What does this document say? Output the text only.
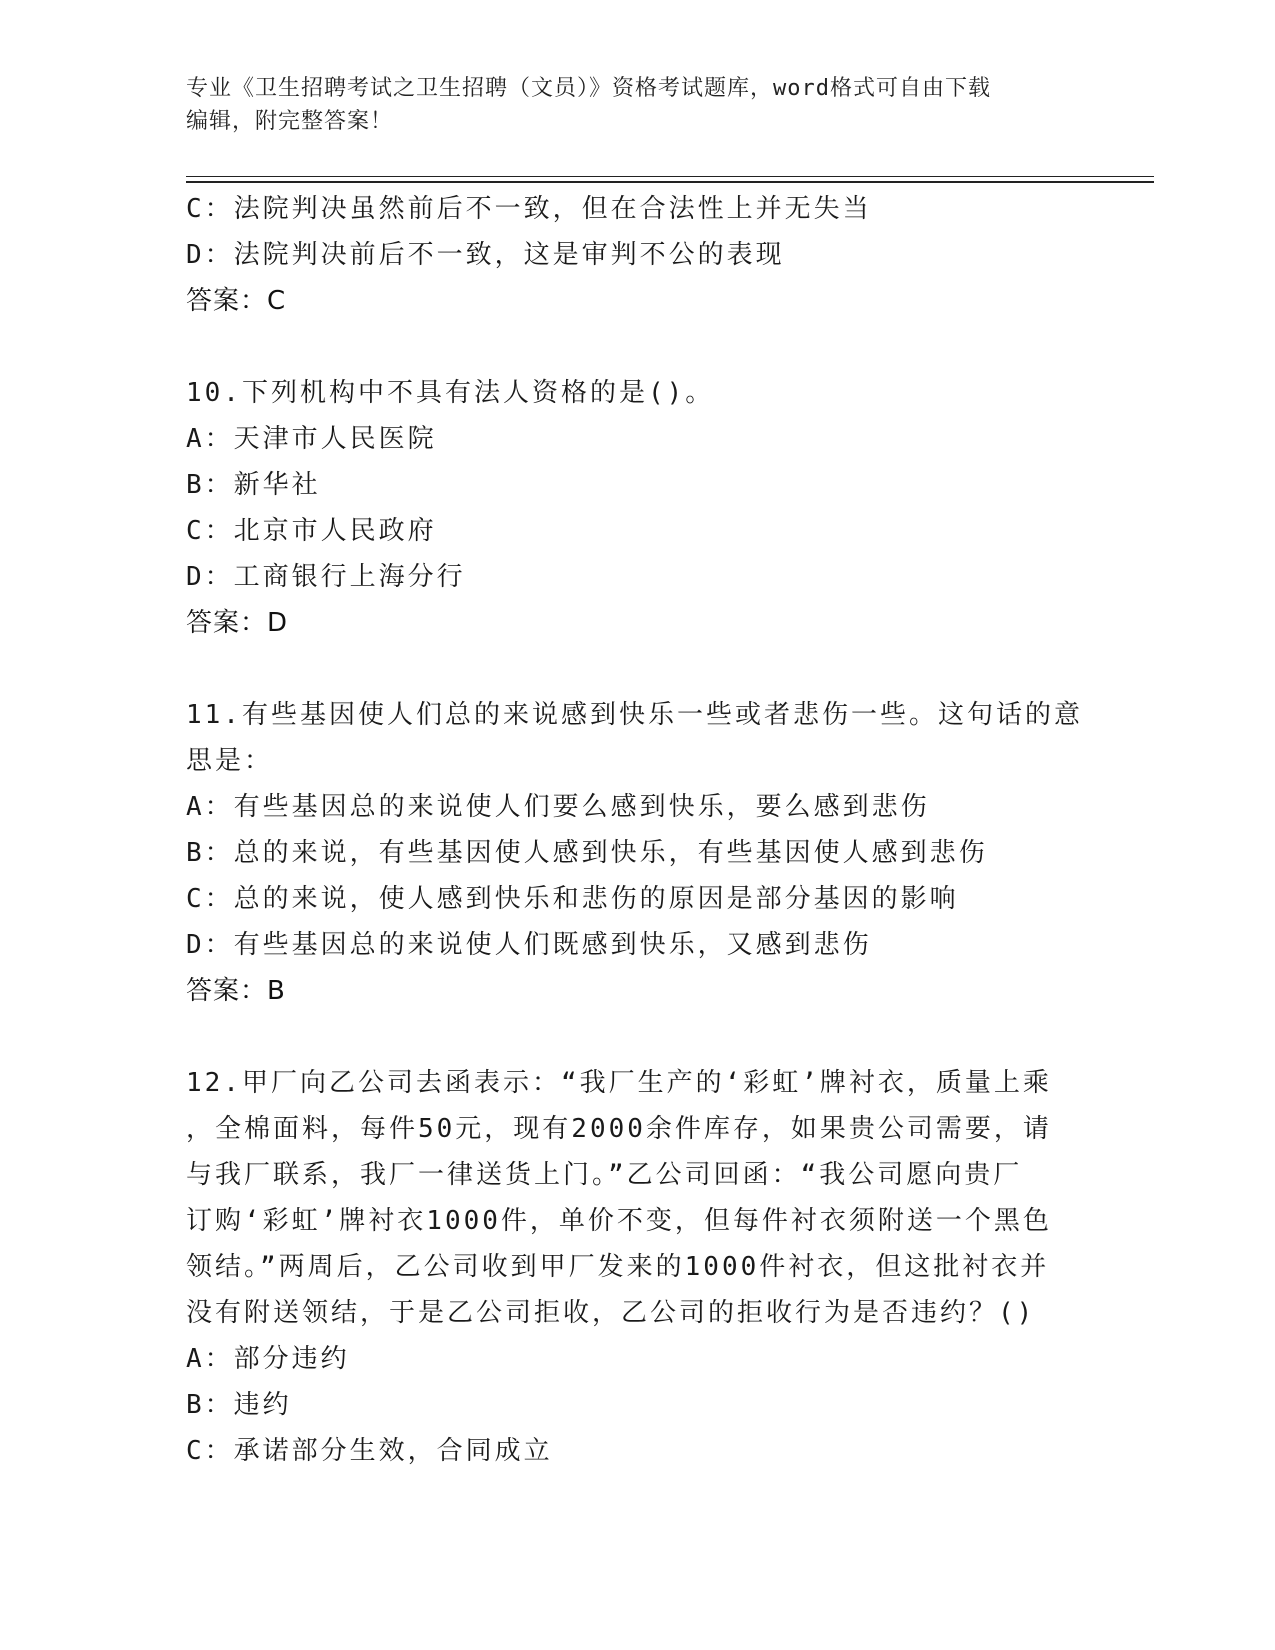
专业《卫生招聘考试之卫生招聘（文员）》资格考试题库，word格式可自由下载
编辑，附完整答案！
C：法院判决虽然前后不一致，但在合法性上并无失当
D：法院判决前后不一致，这是审判不公的表现
答案：C
10.下列机构中不具有法人资格的是()。
A：天津市人民医院
B：新华社
C：北京市人民政府
D：工商银行上海分行
答案：D
11.有些基因使人们总的来说感到快乐一些或者悲伤一些。这句话的意
思是：
A：有些基因总的来说使人们要么感到快乐，要么感到悲伤
B：总的来说，有些基因使人感到快乐，有些基因使人感到悲伤
C：总的来说，使人感到快乐和悲伤的原因是部分基因的影响
D：有些基因总的来说使人们既感到快乐，又感到悲伤
答案：B
12.甲厂向乙公司去函表示：“我厂生产的‘彩虹’牌衬衣，质量上乘
，全棉面料，每件50元，现有2000余件库存，如果贵公司需要，请
与我厂联系，我厂一律送货上门。”乙公司回函：“我公司愿向贵厂
订购‘彩虹’牌衬衣1000件，单价不变，但每件衬衣须附送一个黑色
领结。”两周后，乙公司收到甲厂发来的1000件衬衣，但这批衬衣并
没有附送领结，于是乙公司拒收，乙公司的拒收行为是否违约？()
A：部分违约
B：违约
C：承诺部分生效，合同成立
